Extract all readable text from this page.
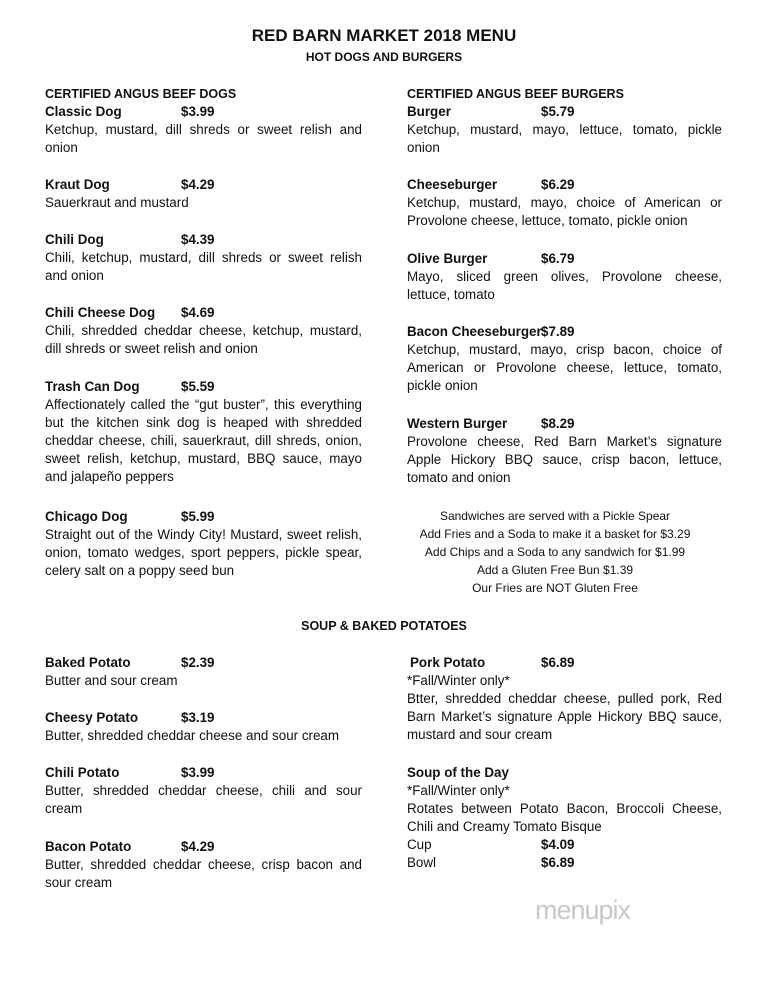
RED BARN MARKET 2018 MENU
HOT DOGS AND BURGERS
CERTIFIED ANGUS BEEF DOGS	CERTIFIED ANGUS BEEF BURGERS
Classic Dog	$3.99
Ketchup, mustard, dill shreds or sweet relish and onion
Kraut Dog	$4.29
Sauerkraut and mustard
Chili Dog	$4.39
Chili, ketchup, mustard, dill shreds or sweet relish and onion
Chili Cheese Dog $4.69
Chili, shredded cheddar cheese, ketchup, mustard, dill shreds or sweet relish and onion
Trash Can Dog	$5.59
Affectionately called the “gut buster”, this everything but the kitchen sink dog is heaped with shredded cheddar cheese, chili, sauerkraut, dill shreds, onion, sweet relish, ketchup, mustard, BBQ sauce, mayo and jalapeño peppers
Chicago Dog	$5.99
Straight out of the Windy City! Mustard, sweet relish, onion, tomato wedges, sport peppers, pickle spear, celery salt on a poppy seed bun
Burger	$5.79
Ketchup, mustard, mayo, lettuce, tomato, pickle onion
Cheeseburger	$6.29
Ketchup, mustard, mayo, choice of American or Provolone cheese, lettuce, tomato, pickle onion
Olive Burger	$6.79
Mayo, sliced green olives, Provolone cheese, lettuce, tomato
Bacon Cheeseburger $7.89
Ketchup, mustard, mayo, crisp bacon, choice of American or Provolone cheese, lettuce, tomato, pickle onion
Western Burger	$8.29
Provolone cheese, Red Barn Market’s signature Apple Hickory BBQ sauce, crisp bacon, lettuce, tomato and onion
Sandwiches are served with a Pickle Spear
Add Fries and a Soda to make it a basket for $3.29
Add Chips and a Soda to any sandwich for $1.99
Add a Gluten Free Bun $1.39
Our Fries are NOT Gluten Free
SOUP & BAKED POTATOES
Baked Potato	$2.39
Butter and sour cream
Cheesy Potato	$3.19
Butter, shredded cheddar cheese and sour cream
Chili Potato	$3.99
Butter, shredded cheddar cheese, chili and sour cream
Bacon Potato	$4.29
Butter, shredded cheddar cheese, crisp bacon and sour cream
Pork Potato	$6.89
*Fall/Winter only*
Btter, shredded cheddar cheese, pulled pork, Red Barn Market’s signature Apple Hickory BBQ sauce, mustard and sour cream
Soup of the Day
*Fall/Winter only*
Rotates between Potato Bacon, Broccoli Cheese, Chili and Creamy Tomato Bisque
Cup	$4.09
Bowl	$6.89
menupix
